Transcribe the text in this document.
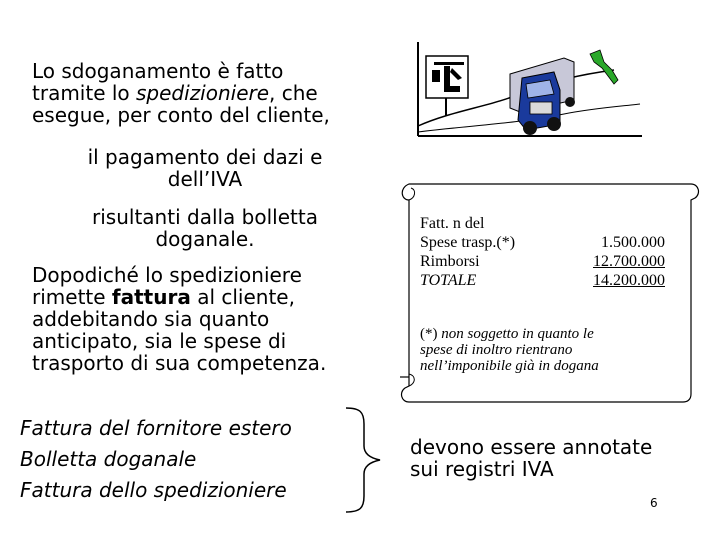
Lo sdoganamento è fatto
tramite lo spedizioniere, che
esegue, per conto del cliente,
il pagamento dei dazi e
dell’IVA
risultanti dalla bolletta
doganale.
Dopodiché lo spedizioniere
rimette fattura al cliente,
addebitando sia quanto
anticipato, sia le spese di
trasporto di sua competenza.
Fattura del fornitore estero
Bolletta doganale
Fattura dello spedizioniere
devono essere annotate
sui registri IVA
6
Fatt. n del
Spese trasp.(*)	1.500.000
Rimborsi	12.700.000
TOTALE	14.200.000
(*) non soggetto in quanto le
spese di inoltro rientrano
nell’imponibile già in dogana
